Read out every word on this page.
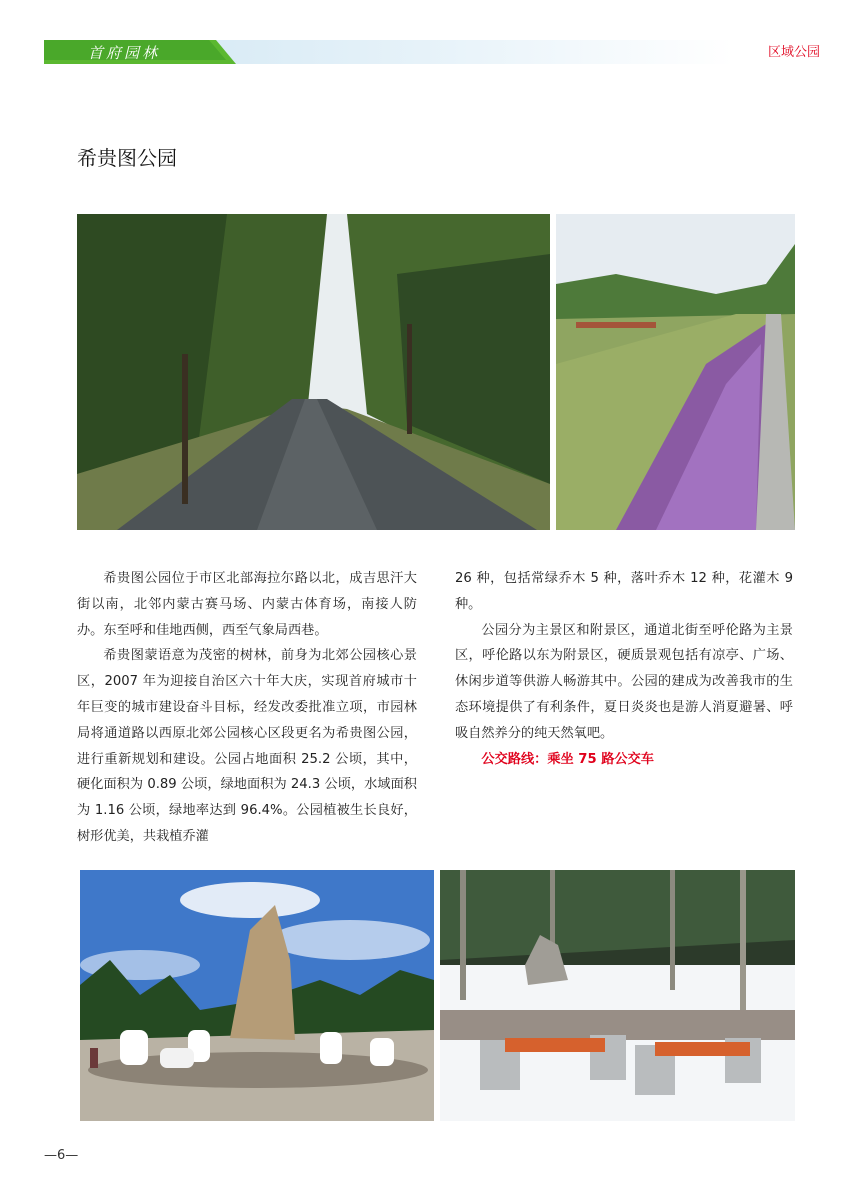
首府园林	区域公园
希贵图公园

希贵图公园位于市区北部海拉尔路以北，成吉思汗大街以南，北邻内蒙古赛马场、内蒙古体育场，南接人防办。东至呼和佳地西侧，西至气象局西巷。

希贵图蒙语意为茂密的树林，前身为北郊公园核心景区，2007 年为迎接自治区六十年大庆，实现首府城市十年巨变的城市建设奋斗目标，经发改委批准立项，市园林局将通道路以西原北郊公园核心区段更名为希贵图公园，进行重新规划和建设。公园占地面积 25.2 公顷，其中，硬化面积为 0.89 公顷，绿地面积为 24.3 公顷，水域面积为 1.16 公顷，绿地率达到 96.4%。公园植被生长良好，树形优美，共栽植乔灌

26 种，包括常绿乔木 5 种，落叶乔木 12 种，花灌木 9 种。

公园分为主景区和附景区，通道北街至呼伦路为主景区，呼伦路以东为附景区，硬质景观包括有凉亭、广场、休闲步道等供游人畅游其中。公园的建成为改善我市的生态环境提供了有利条件，夏日炎炎也是游人消夏避暑、呼吸自然养分的纯天然氧吧。

公交路线：乘坐 75 路公交车

—6—
